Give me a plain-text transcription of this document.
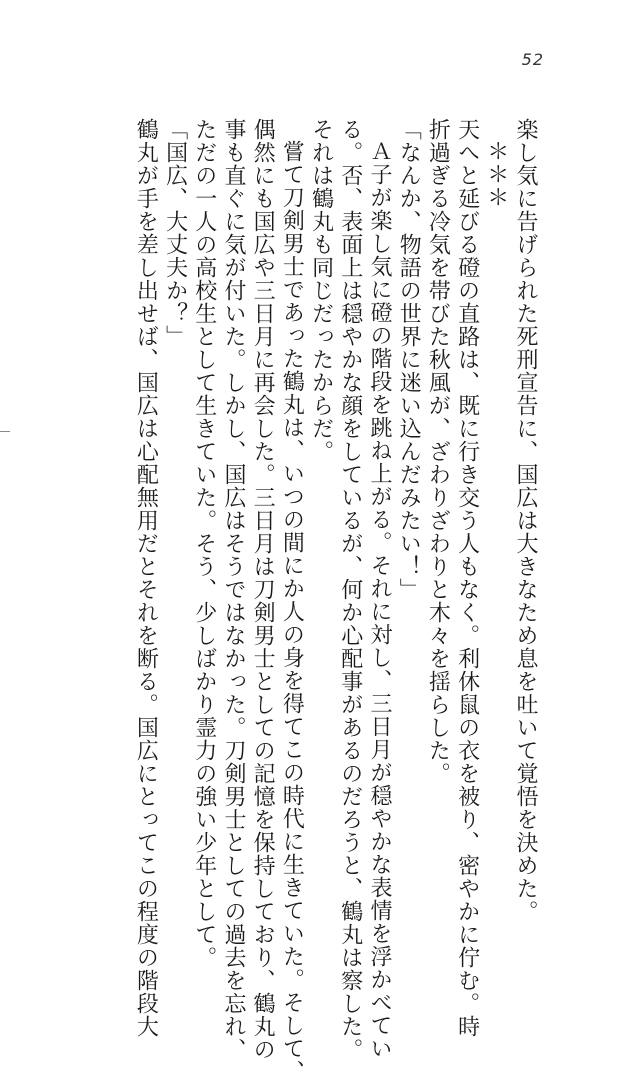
52
楽し気に告げられた死刑宣告に、国広は大きなため息を吐いて覚悟を決めた。
＊＊＊
天へと延びる磴の直路は、既に行き交う人もなく。利休鼠の衣を被り、密やかに佇む。時
折過ぎる冷気を帯びた秋風が、ざわりざわりと木々を揺らした。
「なんか、物語の世界に迷い込んだみたい！」
Ａ子が楽し気に磴の階段を跳ね上がる。それに対し、三日月が穏やかな表情を浮かべてい
る。否、表面上は穏やかな顔をしているが、何か心配事があるのだろうと、鶴丸は察した。
それは鶴丸も同じだったからだ。
嘗て刀剣男士であった鶴丸は、いつの間にか人の身を得てこの時代に生きていた。そして、
偶然にも国広や三日月に再会した。三日月は刀剣男士としての記憶を保持しており、鶴丸の
事も直ぐに気が付いた。しかし、国広はそうではなかった。刀剣男士としての過去を忘れ、
ただの一人の高校生として生きていた。そう、少しばかり霊力の強い少年として。
「国広、大丈夫か？」
鶴丸が手を差し出せば、国広は心配無用だとそれを断る。国広にとってこの程度の階段大
